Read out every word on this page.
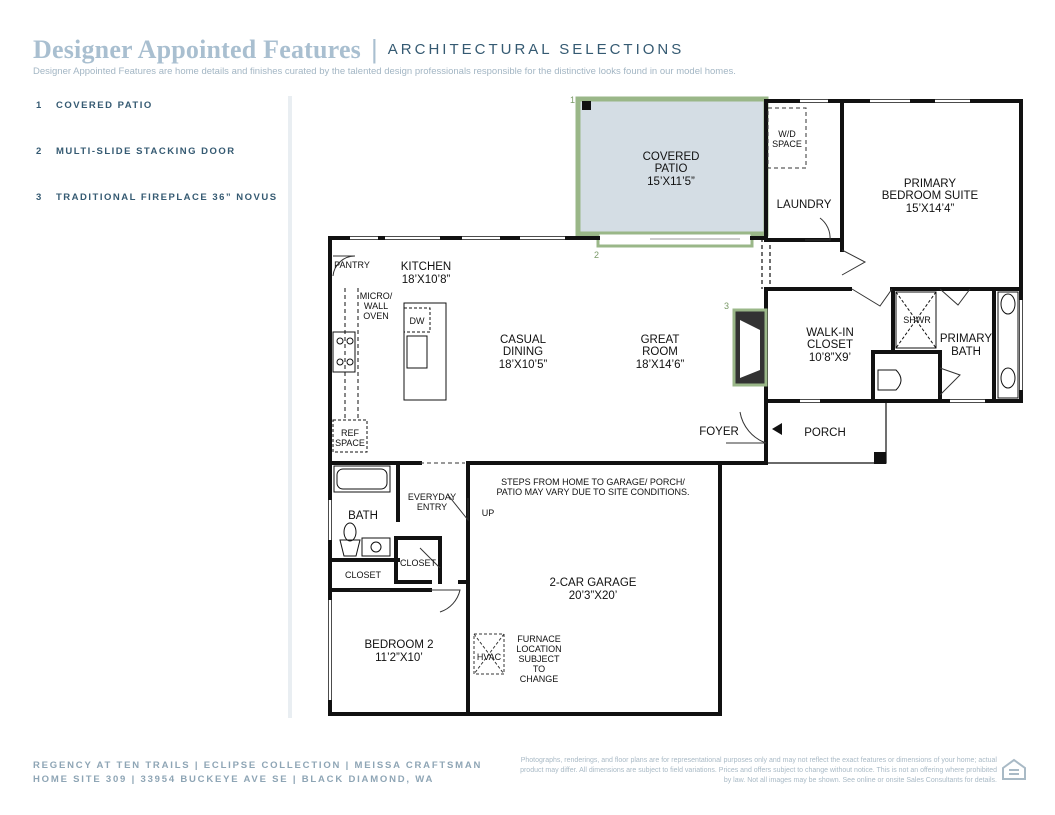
Designer Appointed Features | ARCHITECTURAL SELECTIONS
Designer Appointed Features are home details and finishes curated by the talented design professionals responsible for the distinctive looks found in our model homes.
1	COVERED PATIO
2	MULTI-SLIDE STACKING DOOR
3	TRADITIONAL FIREPLACE 36” NOVUS
1
2
3
COVERED
PATIO
15’X11’5”
LAUNDRY
PRIMARY
BEDROOM SUITE
15’X14’4”
KITCHEN
18’X10’8”
CASUAL
DINING
18’X10’5”
GREAT
ROOM
18’X14’6”
WALK-IN
CLOSET
10’8”X9’
PRIMARY
BATH
FOYER	PORCH
BATH
2-CAR GARAGE
20’3”X20’
BEDROOM 2
11’2”X10’
W/D
SPACE
PANTRY
MICRO/
WALL
OVEN DW	SHWR
REF
SPACE
STEPS FROM HOME TO GARAGE/ PORCH/
PATIO MAY VARY DUE TO SITE CONDITIONS.
EVERYDAY
ENTRY
UP
CLOSET
CLOSET
HVAC
FURNACE
LOCATION
SUBJECT
TO
CHANGE
REGENCY AT TEN TRAILS | ECLIPSE COLLECTION | MEISSA CRAFTSMAN
HOME SITE 309 | 33954 BUCKEYE AVE SE | BLACK DIAMOND, WA
Photographs, renderings, and floor plans are for representational purposes only and may not reflect the exact features or dimensions of your home; actual product may differ. All dimensions are subject to field variations. Prices and offers subject to change without notice. This is not an offering where prohibited by law. Not all images may be shown. See online or onsite Sales Consultants for details.
